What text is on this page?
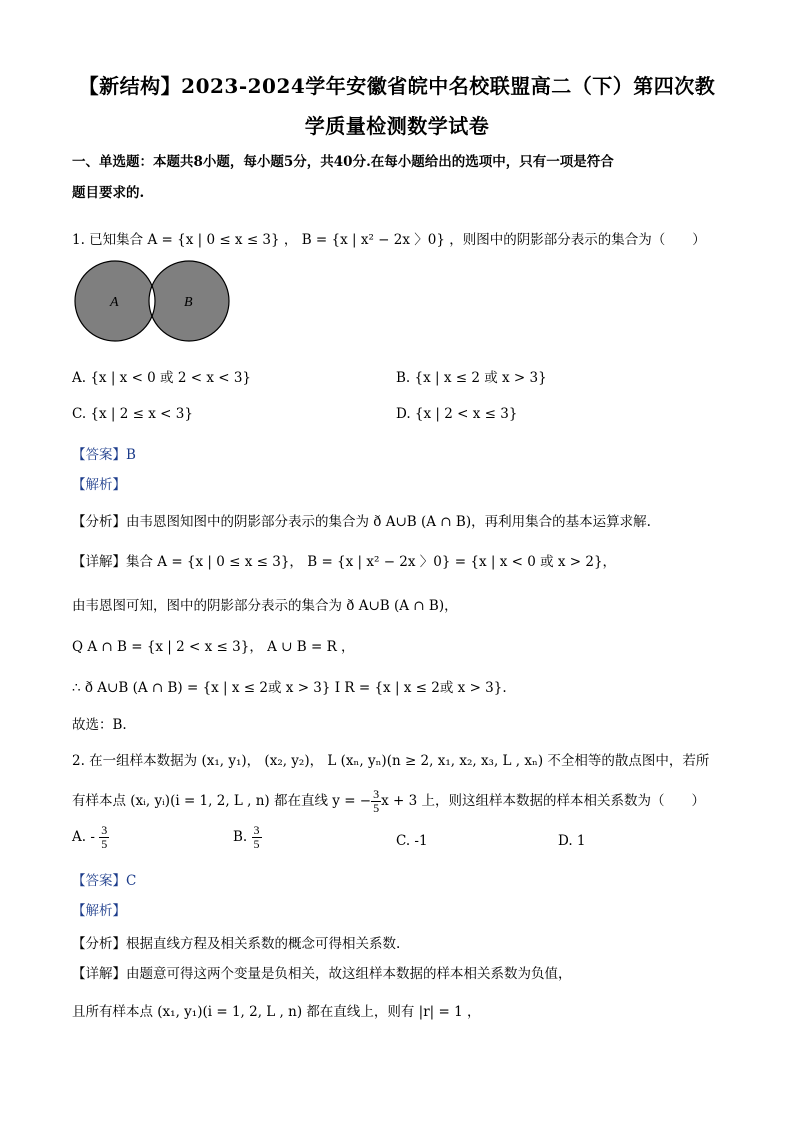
【新结构】2023-2024学年安徽省皖中名校联盟高二（下）第四次教
学质量检测数学试卷
一、单选题：本题共8小题，每小题5分，共40分.在每小题给出的选项中，只有一项是符合
题目要求的.
1. 已知集合 A = {x | 0 ≤ x ≤ 3} ， B = {x | x² − 2x 〉0} ，则图中的阴影部分表示的集合为（　　）
A	B
A. {x | x < 0 或 2 < x < 3}	B. {x | x ≤ 2 或 x > 3}
C. {x | 2 ≤ x < 3}	D. {x | 2 < x ≤ 3}
【答案】B
【解析】
【分析】由韦恩图知图中的阴影部分表示的集合为 ð A∪B (A ∩ B)，再利用集合的基本运算求解.
【详解】集合 A = {x | 0 ≤ x ≤ 3}， B = {x | x² − 2x 〉0} = {x | x < 0 或 x > 2}，
由韦恩图可知，图中的阴影部分表示的集合为 ð A∪B (A ∩ B)，
Q A ∩ B = {x | 2 < x ≤ 3}， A ∪ B = R ，
∴ ð A∪B (A ∩ B) = {x | x ≤ 2或 x > 3} I R = {x | x ≤ 2或 x > 3}.
故选：B.
2. 在一组样本数据为 (x₁, y₁)， (x₂, y₂)， L (xₙ, yₙ)(n ≥ 2, x₁, x₂, x₃, L , xₙ) 不全相等的散点图中，若所
有样本点 (xᵢ, yᵢ)(i = 1, 2, L , n) 都在直线 y = − $\frac{3}{5}$ x + 3 上，则这组样本数据的样本相关系数为（　　）
A. - $\frac{3}{5}$	B. $\frac{3}{5}$	C. -1	D. 1
【答案】C
【解析】
【分析】根据直线方程及相关系数的概念可得相关系数.
【详解】由题意可得这两个变量是负相关，故这组样本数据的样本相关系数为负值，
且所有样本点 (x₁, y₁)(i = 1, 2, L , n) 都在直线上，则有 |r| = 1 ，
